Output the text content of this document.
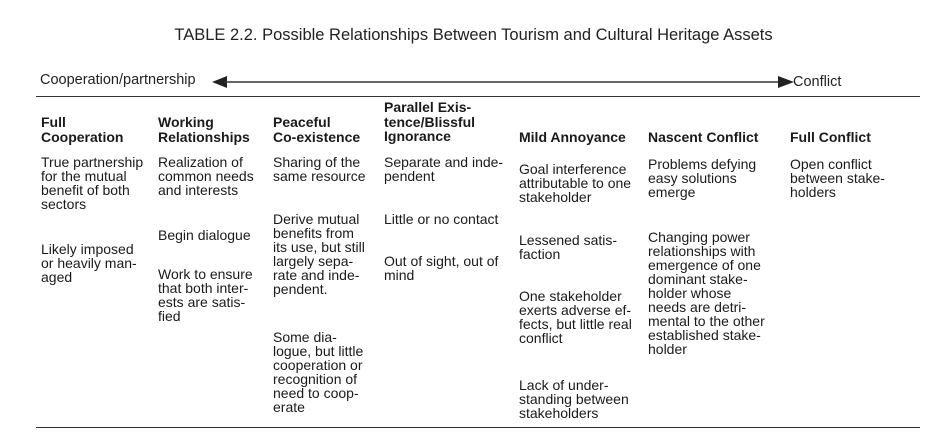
TABLE 2.2. Possible Relationships Between Tourism and Cultural Heritage Assets
Cooperation/partnership	Conflict
Full
Cooperation
Working
Relationships
Peaceful
Co-existence
Parallel Exis-
tence/Blissful
Ignorance	Mild Annoyance Nascent Conflict Full Conflict
True partnership
for the mutual
benefit of both
sectors
Likely imposed
or heavily man-
aged
Realization of
common needs
and interests
Begin dialogue
Work to ensure
that both inter-
ests are satis-
fied
Sharing of the
same resource
Derive mutual
benefits from
its use, but still
largely sepa-
rate and inde-
pendent.
Some dia-
logue, but little
cooperation or
recognition of
need to coop-
erate
Separate and inde-
pendent
Little or no contact
Out of sight, out of
mind
Goal interference
attributable to one
stakeholder
Lessened satis-
faction
One stakeholder
exerts adverse ef-
fects, but little real
conflict
Lack of under-
standing between
stakeholders
Problems defying
easy solutions
emerge
Changing power
relationships with
emergence of one
dominant stake-
holder whose
needs are detri-
mental to the other
established stake-
holder
Open conflict
between stake-
holders
